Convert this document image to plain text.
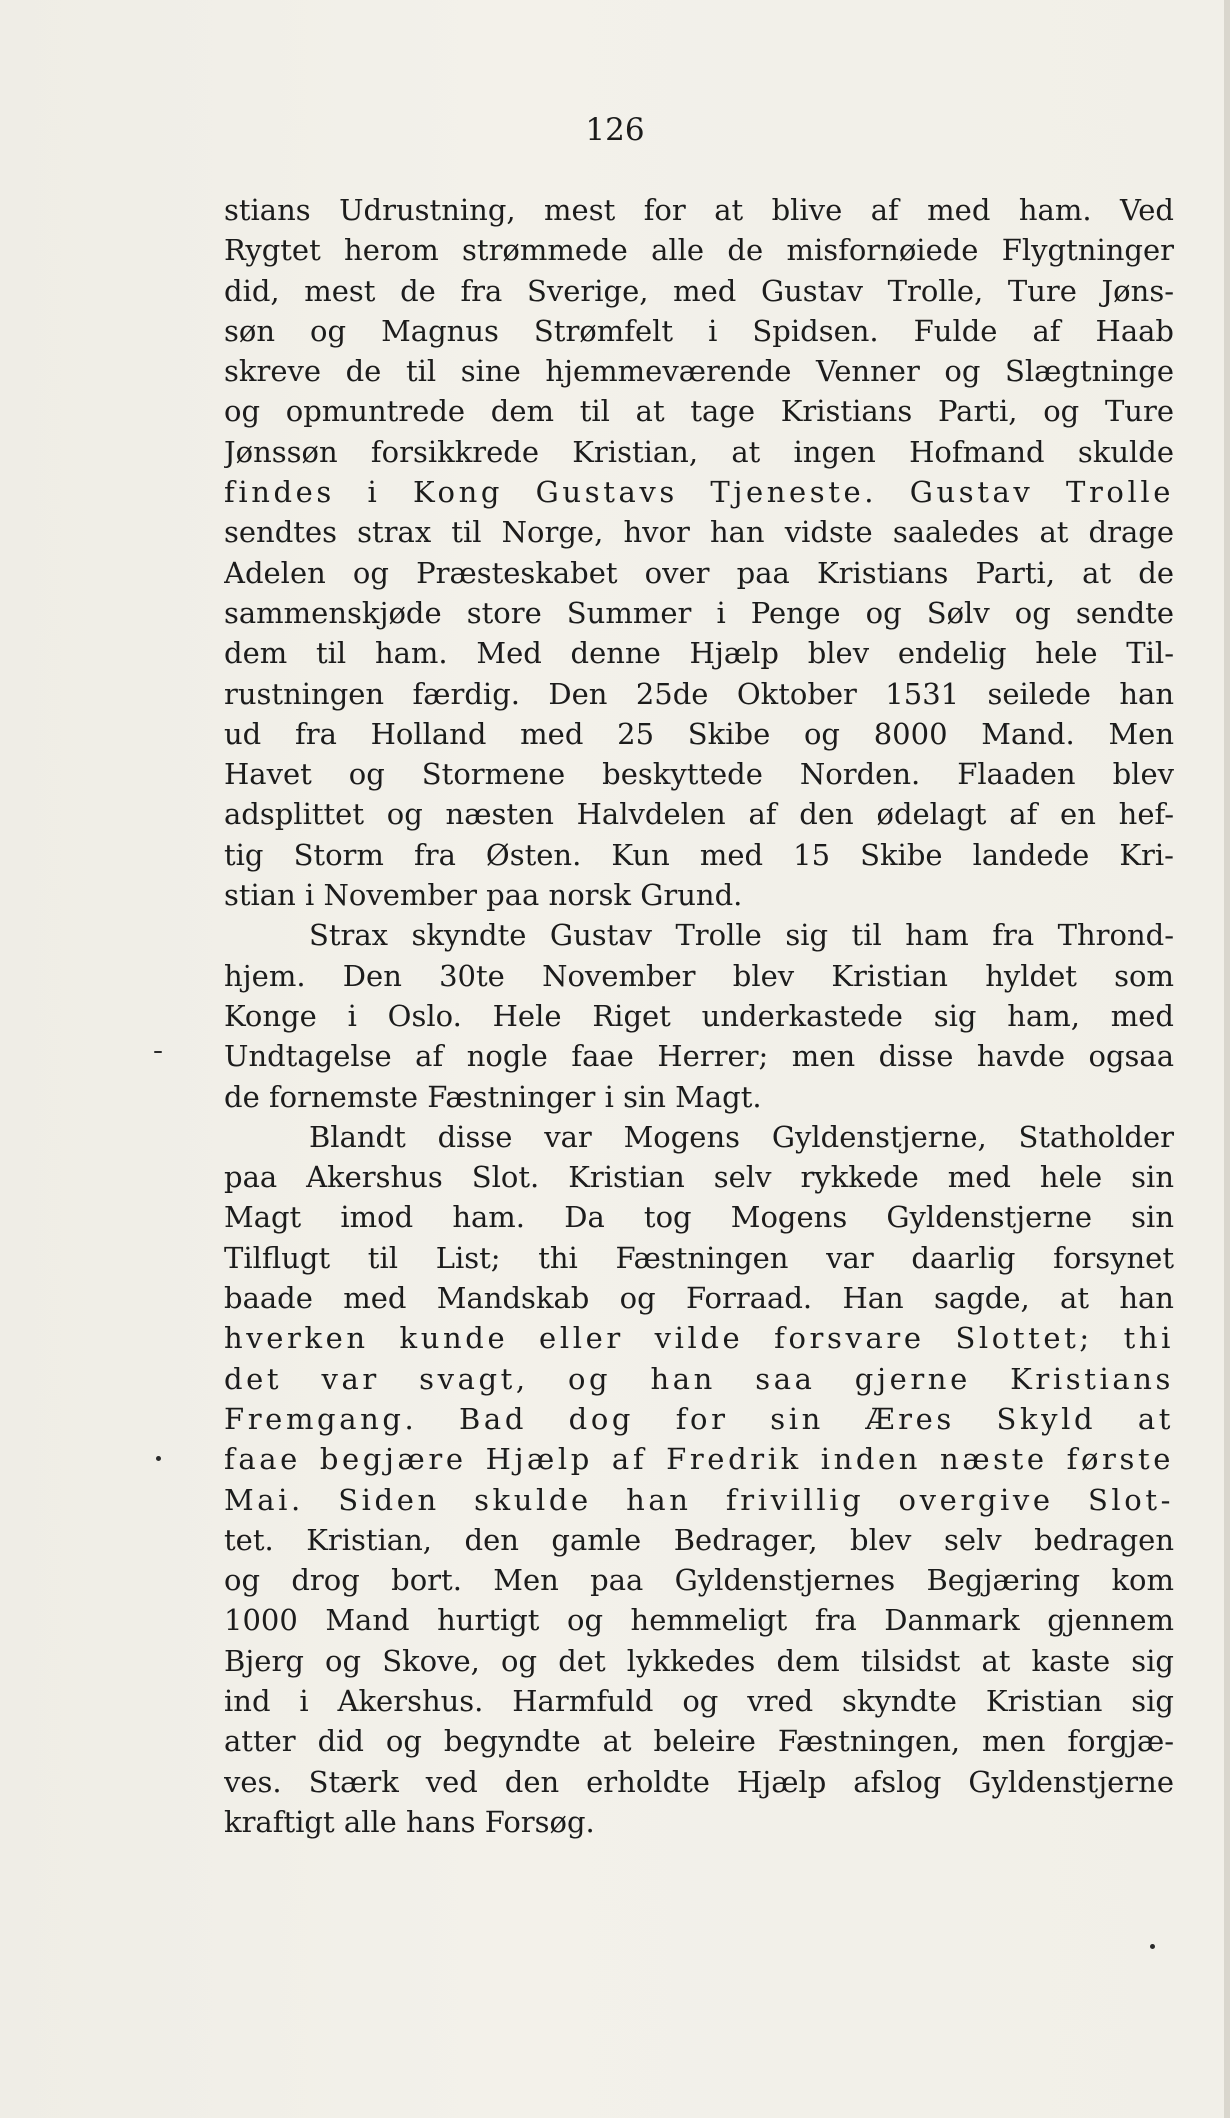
126
stians Udrustning, mest for at blive af med ham. Ved
Rygtet herom strømmede alle de misfornøiede Flygtninger
did, mest de fra Sverige, med Gustav Trolle, Ture Jøns-
søn og Magnus Strømfelt i Spidsen. Fulde af Haab
skreve de til sine hjemmeværende Venner og Slægtninge
og opmuntrede dem til at tage Kristians Parti, og Ture
Jønssøn forsikkrede Kristian, at ingen Hofmand skulde
findes i Kong Gustavs Tjeneste. Gustav Trolle
sendtes strax til Norge, hvor han vidste saaledes at drage
Adelen og Præsteskabet over paa Kristians Parti, at de
sammenskjøde store Summer i Penge og Sølv og sendte
dem til ham. Med denne Hjælp blev endelig hele Til-
rustningen færdig. Den 25de Oktober 1531 seilede han
ud fra Holland med 25 Skibe og 8000 Mand. Men
Havet og Stormene beskyttede Norden. Flaaden blev
adsplittet og næsten Halvdelen af den ødelagt af en hef-
tig Storm fra Østen. Kun med 15 Skibe landede Kri-
stian i November paa norsk Grund.
Strax skyndte Gustav Trolle sig til ham fra Thrond-
hjem. Den 30te November blev Kristian hyldet som
Konge i Oslo. Hele Riget underkastede sig ham, med
Undtagelse af nogle faae Herrer; men disse havde ogsaa
de fornemste Fæstninger i sin Magt.
Blandt disse var Mogens Gyldenstjerne, Statholder
paa Akershus Slot. Kristian selv rykkede med hele sin
Magt imod ham. Da tog Mogens Gyldenstjerne sin
Tilflugt til List; thi Fæstningen var daarlig forsynet
baade med Mandskab og Forraad. Han sagde, at han
hverken kunde eller vilde forsvare Slottet; thi
det var svagt, og han saa gjerne Kristians
Fremgang. Bad dog for sin Æres Skyld at
faae begjære Hjælp af Fredrik inden næste første
Mai. Siden skulde han frivillig overgive Slot-
tet. Kristian, den gamle Bedrager, blev selv bedragen
og drog bort. Men paa Gyldenstjernes Begjæring kom
1000 Mand hurtigt og hemmeligt fra Danmark gjennem
Bjerg og Skove, og det lykkedes dem tilsidst at kaste sig
ind i Akershus. Harmfuld og vred skyndte Kristian sig
atter did og begyndte at beleire Fæstningen, men forgjæ-
ves. Stærk ved den erholdte Hjælp afslog Gyldenstjerne
kraftigt alle hans Forsøg.
